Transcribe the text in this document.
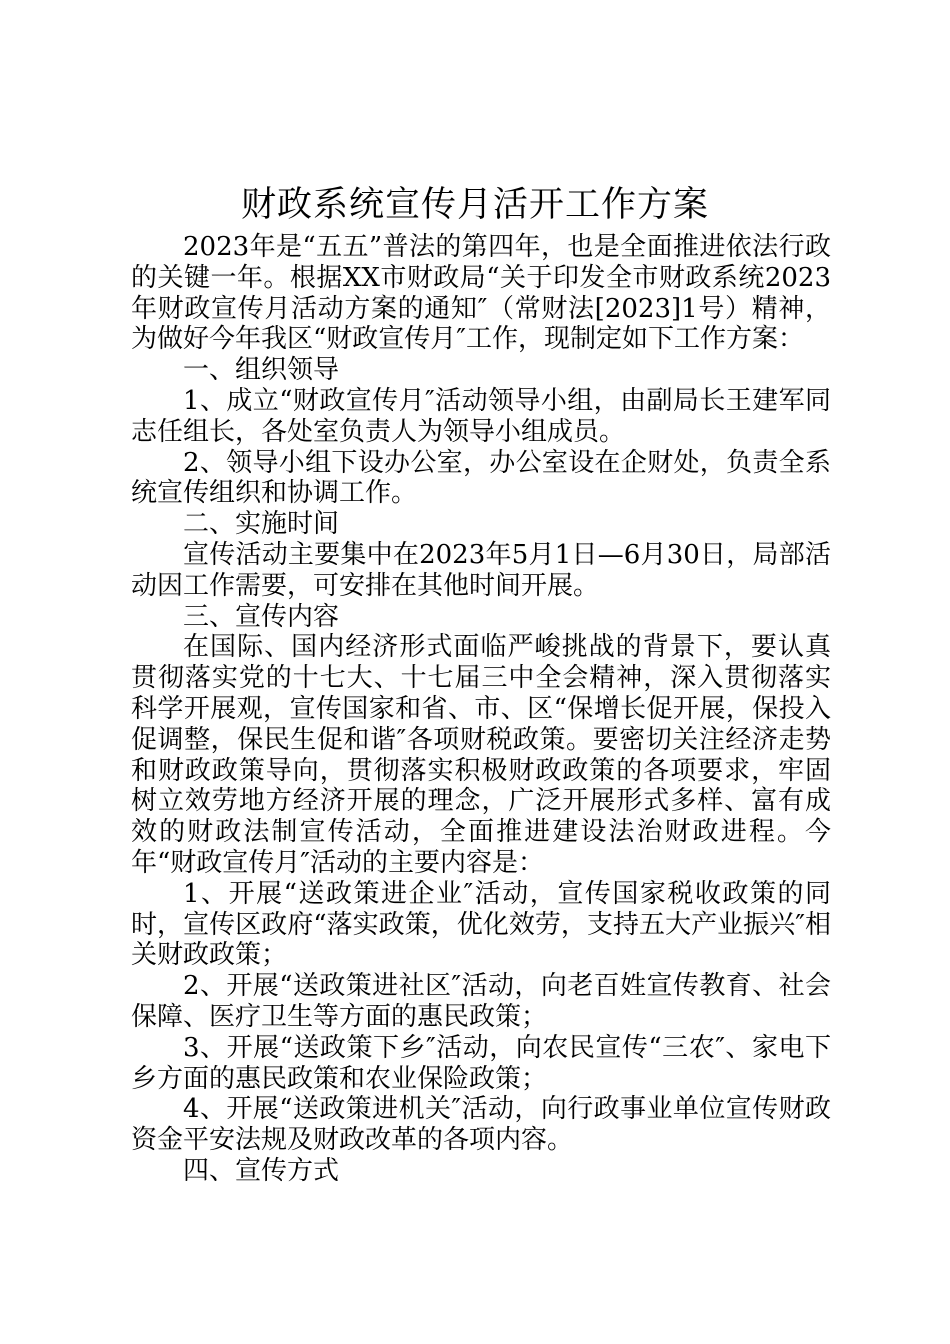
财政系统宣传月活开工作方案

2023年是“五五”普法的第四年，也是全面推进依法行政的关键一年。根据XX市财政局“关于印发全市财政系统2023年财政宣传月活动方案的通知″（常财法[2023]1号）精神，为做好今年我区“财政宣传月″工作，现制定如下工作方案：

一、组织领导

1、成立“财政宣传月″活动领导小组，由副局长王建军同志任组长，各处室负责人为领导小组成员。

2、领导小组下设办公室，办公室设在企财处，负责全系统宣传组织和协调工作。

二、实施时间

宣传活动主要集中在2023年5月1日—6月30日，局部活动因工作需要，可安排在其他时间开展。

三、宣传内容

在国际、国内经济形式面临严峻挑战的背景下，要认真贯彻落实党的十七大、十七届三中全会精神，深入贯彻落实科学开展观，宣传国家和省、市、区“保增长促开展，保投入促调整，保民生促和谐″各项财税政策。要密切关注经济走势和财政政策导向，贯彻落实积极财政政策的各项要求，牢固树立效劳地方经济开展的理念，广泛开展形式多样、富有成效的财政法制宣传活动，全面推进建设法治财政进程。今年“财政宣传月″活动的主要内容是：

1、开展“送政策进企业″活动，宣传国家税收政策的同时，宣传区政府“落实政策，优化效劳，支持五大产业振兴″相关财政政策；

2、开展“送政策进社区″活动，向老百姓宣传教育、社会保障、医疗卫生等方面的惠民政策；

3、开展“送政策下乡″活动，向农民宣传“三农″、家电下乡方面的惠民政策和农业保险政策；

4、开展“送政策进机关″活动，向行政事业单位宣传财政资金平安法规及财政改革的各项内容。

四、宣传方式
